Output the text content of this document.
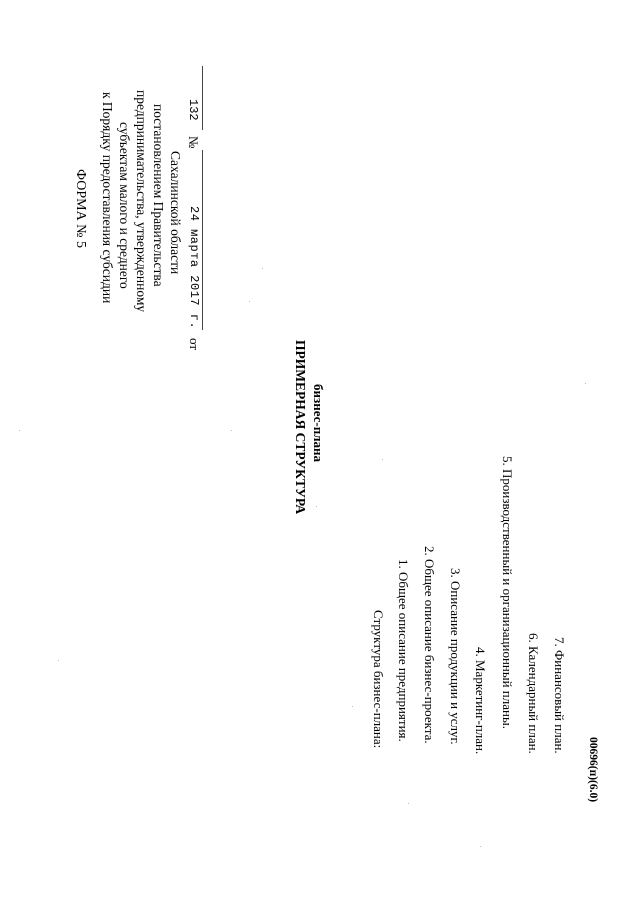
ФОРМА № 5 к Порядку предоставления субсидии субъектам малого и среднего предпринимательства, утвержденному постановлением Правительства Сахалинской области
от
24 марта 2017 г.
№
132
ПРИМЕРНАЯ СТРУКТУРА бизнес-плана
Структура бизнес-плана: 1. Общее описание предприятия. 2. Общее описание бизнес-проекта. 3. Описание продукции и услуг. 4. Маркетинг-план. 5. Производственный и организационный планы. 6. Календарный план. 7. Финансовый план.
00696(п)(6.0)
